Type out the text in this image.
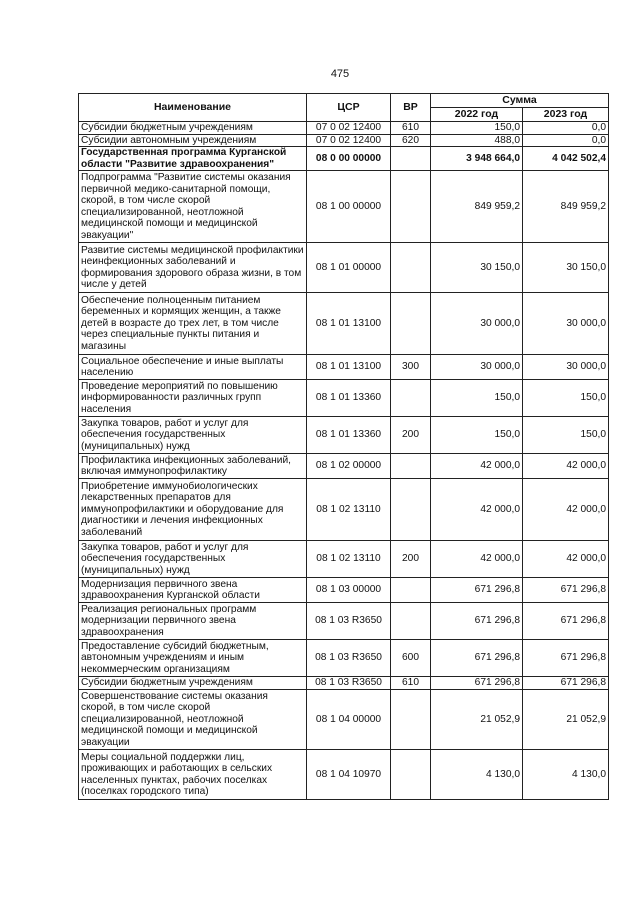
475
Наименование	ЦСР	ВР	Сумма	
			2022 год	2023 год
Субсидии бюджетным учреждениям	07 0 02 12400	610	150,0	0,0
Субсидии автономным учреждениям	07 0 02 12400	620	488,0	0,0
Государственная программа Курганской области "Развитие здравоохранения"	08 0 00 00000		3 948 664,0	4 042 502,4
Подпрограмма "Развитие системы оказания первичной медико-санитарной помощи, скорой, в том числе скорой специализированной, неотложной медицинской помощи и медицинской эвакуации"	08 1 00 00000		849 959,2	849 959,2
Развитие системы медицинской профилактики неинфекционных заболеваний и формирования здорового образа жизни, в том числе у детей	08 1 01 00000		30 150,0	30 150,0
Обеспечение полноценным питанием беременных и кормящих женщин, а также детей в возрасте до трех лет, в том числе через специальные пункты питания и магазины	08 1 01 13100		30 000,0	30 000,0
Социальное обеспечение и иные выплаты населению	08 1 01 13100	300	30 000,0	30 000,0
Проведение мероприятий по повышению информированности различных групп населения	08 1 01 13360		150,0	150,0
Закупка товаров, работ и услуг для обеспечения государственных (муниципальных) нужд	08 1 01 13360	200	150,0	150,0
Профилактика инфекционных заболеваний, включая иммунопрофилактику	08 1 02 00000		42 000,0	42 000,0
Приобретение иммунобиологических лекарственных препаратов для иммунопрофилактики и оборудование для диагностики и лечения инфекционных заболеваний	08 1 02 13110		42 000,0	42 000,0
Закупка товаров, работ и услуг для обеспечения государственных (муниципальных) нужд	08 1 02 13110	200	42 000,0	42 000,0
Модернизация первичного звена здравоохранения Курганской области	08 1 03 00000		671 296,8	671 296,8
Реализация региональных программ модернизации первичного звена здравоохранения	08 1 03 R3650		671 296,8	671 296,8
Предоставление субсидий бюджетным, автономным учреждениям и иным некоммерческим организациям	08 1 03 R3650	600	671 296,8	671 296,8
Субсидии бюджетным учреждениям	08 1 03 R3650	610	671 296,8	671 296,8
Совершенствование системы оказания скорой, в том числе скорой специализированной, неотложной медицинской помощи и медицинской эвакуации	08 1 04 00000		21 052,9	21 052,9
Меры социальной поддержки лиц, проживающих и работающих в сельских населенных пунктах, рабочих поселках (поселках городского типа)	08 1 04 10970		4 130,0	4 130,0
